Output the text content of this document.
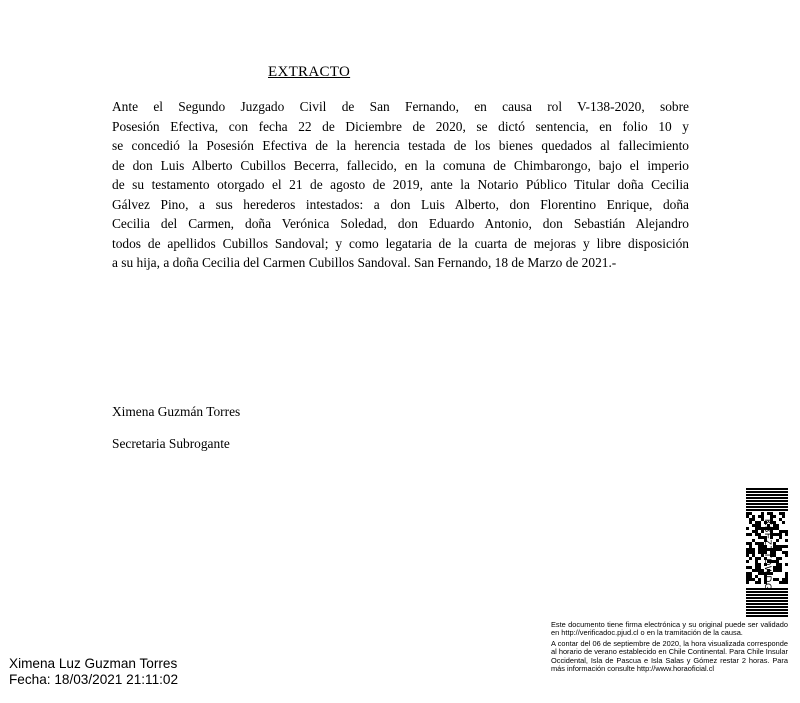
EXTRACTO
Ante el Segundo Juzgado Civil de San Fernando, en causa rol V-138-2020, sobre
Posesión Efectiva, con fecha 22 de Diciembre de 2020, se dictó sentencia, en folio 10 y
se concedió la Posesión Efectiva de la herencia testada de los bienes quedados al fallecimiento
de don Luis Alberto Cubillos Becerra, fallecido, en la comuna de Chimbarongo, bajo el imperio
de su testamento otorgado el 21 de agosto de 2019, ante la Notario Público Titular doña Cecilia
Gálvez Pino, a sus herederos intestados: a don Luis Alberto, don Florentino Enrique, doña
Cecilia del Carmen, doña Verónica Soledad, don Eduardo Antonio, don Sebastián Alejandro
todos de apellidos Cubillos Sandoval; y como legataria de la cuarta de mejoras y libre disposición
a su hija, a doña Cecilia del Carmen Cubillos Sandoval. San Fernando, 18 de Marzo de 2021.-
Ximena Guzmán Torres
Secretaria Subrogante
KBFZTTDWDG

Este documento tiene firma electrónica y su original puede ser validado en http://verificadoc.pjud.cl o en la tramitación de la causa.

A contar del 06 de septiembre de 2020, la hora visualizada corresponde al horario de verano establecido en Chile Continental. Para Chile Insular Occidental, Isla de Pascua e Isla Salas y Gómez restar 2 horas. Para más información consulte http://www.horaoficial.cl

Ximena Luz Guzman Torres
Fecha: 18/03/2021 21:11:02
